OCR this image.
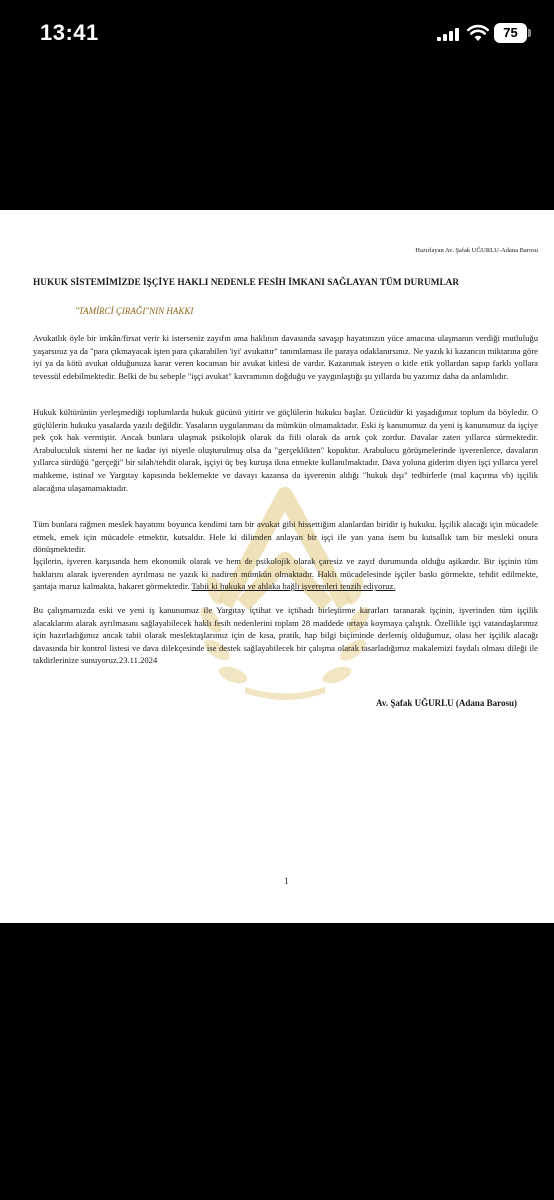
13:41	75
Hazırlayan Av. Şafak UĞURLU-Adana Barosu
HUKUK SİSTEMİMİZDE İŞÇİYE HAKLI NEDENLE FESİH İMKANI SAĞLAYAN TÜM DURUMLAR
"TAMİRCİ ÇIRAĞI"NIN HAKKI
Avukatlık öyle bir imkân/firsat verir ki isterseniz zayıfın ama haklının davasında savaşıp hayatınızın yüce amacına ulaşmanın verdiği mutluluğu yaşarsınız ya da "para çıkmayacak işten para çıkarabilen 'iyi' avukattır" tanımlaması ile paraya odaklanırsınız. Ne yazık ki kazancın miktarına göre iyi ya da kötü avukat olduğunuza karar veren kocaman bir avukat kitlesi de vardır. Kazanmak isteyen o kitle etik yollardan sapıp farklı yollara tevessül edebilmektedir. Belki de bu sebeple "işçi avukat" kavramının doğduğu ve yaygınlaştığı şu yıllarda bu yazımız daha da anlamlıdır.
Hukuk kültürünün yerleşmediği toplumlarda hukuk gücünü yitirir ve güçlülerin hukuku başlar. Üzücüdür ki yaşadığımız toplum da böyledir. O güçlülerin hukuku yasalarda yazılı değildir. Yasaların uygulanması da mümkün olmamaktadır. Eski iş kanunumuz da yeni iş kanunumuz da işçiye pek çok hak vermiştir. Ancak bunlara ulaşmak psikolojik olarak da fiili olarak da artık çok zordur. Davalar zaten yıllarca sürmektedir. Arabuluculuk sistemi her ne kadar iyi niyetle oluşturulmuş olsa da "gerçeklikten" kopuktur. Arabulucu görüşmelerinde işverenlerce, davaların yıllarca sürdüğü "gerçeği" bir silah/tehdit olarak, işçiyi üç beş kuruşa ikna etmekte kullanılmaktadır. Dava yoluna giderim diyen işçi yıllarca yerel mahkeme, istinaf ve Yargıtay kapısında beklemekte ve davayı kazansa da işverenin aldığı "hukuk dışı" tedbirlerle (mal kaçırma vb) işçilik alacağına ulaşamamaktadır.
Tüm bunlara rağmen meslek hayatımı boyunca kendimi tam bir avukat gibi hissettiğim alanlardan biridir iş hukuku. İşçilik alacağı için mücadele etmek, emek için mücadele etmektir, kutsaldır. Hele ki dilimden anlayan bir işçi ile yan yana isem bu kutsallık tam bir mesleki onura dönüşmektedir.
İşçilerin, işveren karşısında hem ekonomik olarak ve hem de psikolojik olarak çaresiz ve zayıf durumunda olduğu aşikardır. Bir işçinin tüm haklarını alarak işverenden ayrılması ne yazık ki nadiren mümkün olmaktadır. Haklı mücadelesinde işçiler baskı görmekte, tehdit edilmekte, şantaja maruz kalmakta, hakaret görmektedir. Tabii ki hukuka ve ahlaka bağlı işverenleri tenzih ediyoruz.
Bu çalışmamızda eski ve yeni iş kanunumuz ile Yargıtay içtihat ve içtihadı birleştirme kararları taranarak işçinin, işverinden tüm işçilik alacaklarını alarak ayrılmasını sağlayabilecek haklı fesih nedenlerini toplam 28 maddede ortaya koymaya çalıştık. Özellikle işçi vatandaşlarımız için hazırladığımız ancak tabii olarak meslektaşlarımız için de kısa, pratik, hap bilgi biçiminde derlemiş olduğumuz, olası her işçilik alacağı davasında bir kontrol listesi ve dava dilekçesinde ise destek sağlayabilecek bir çalışma olarak tasarladığımız makalemizi faydalı olması dileği ile takdirlerinize sunuyoruz.23.11.2024
Av. Şafak UĞURLU (Adana Barosu)
1
